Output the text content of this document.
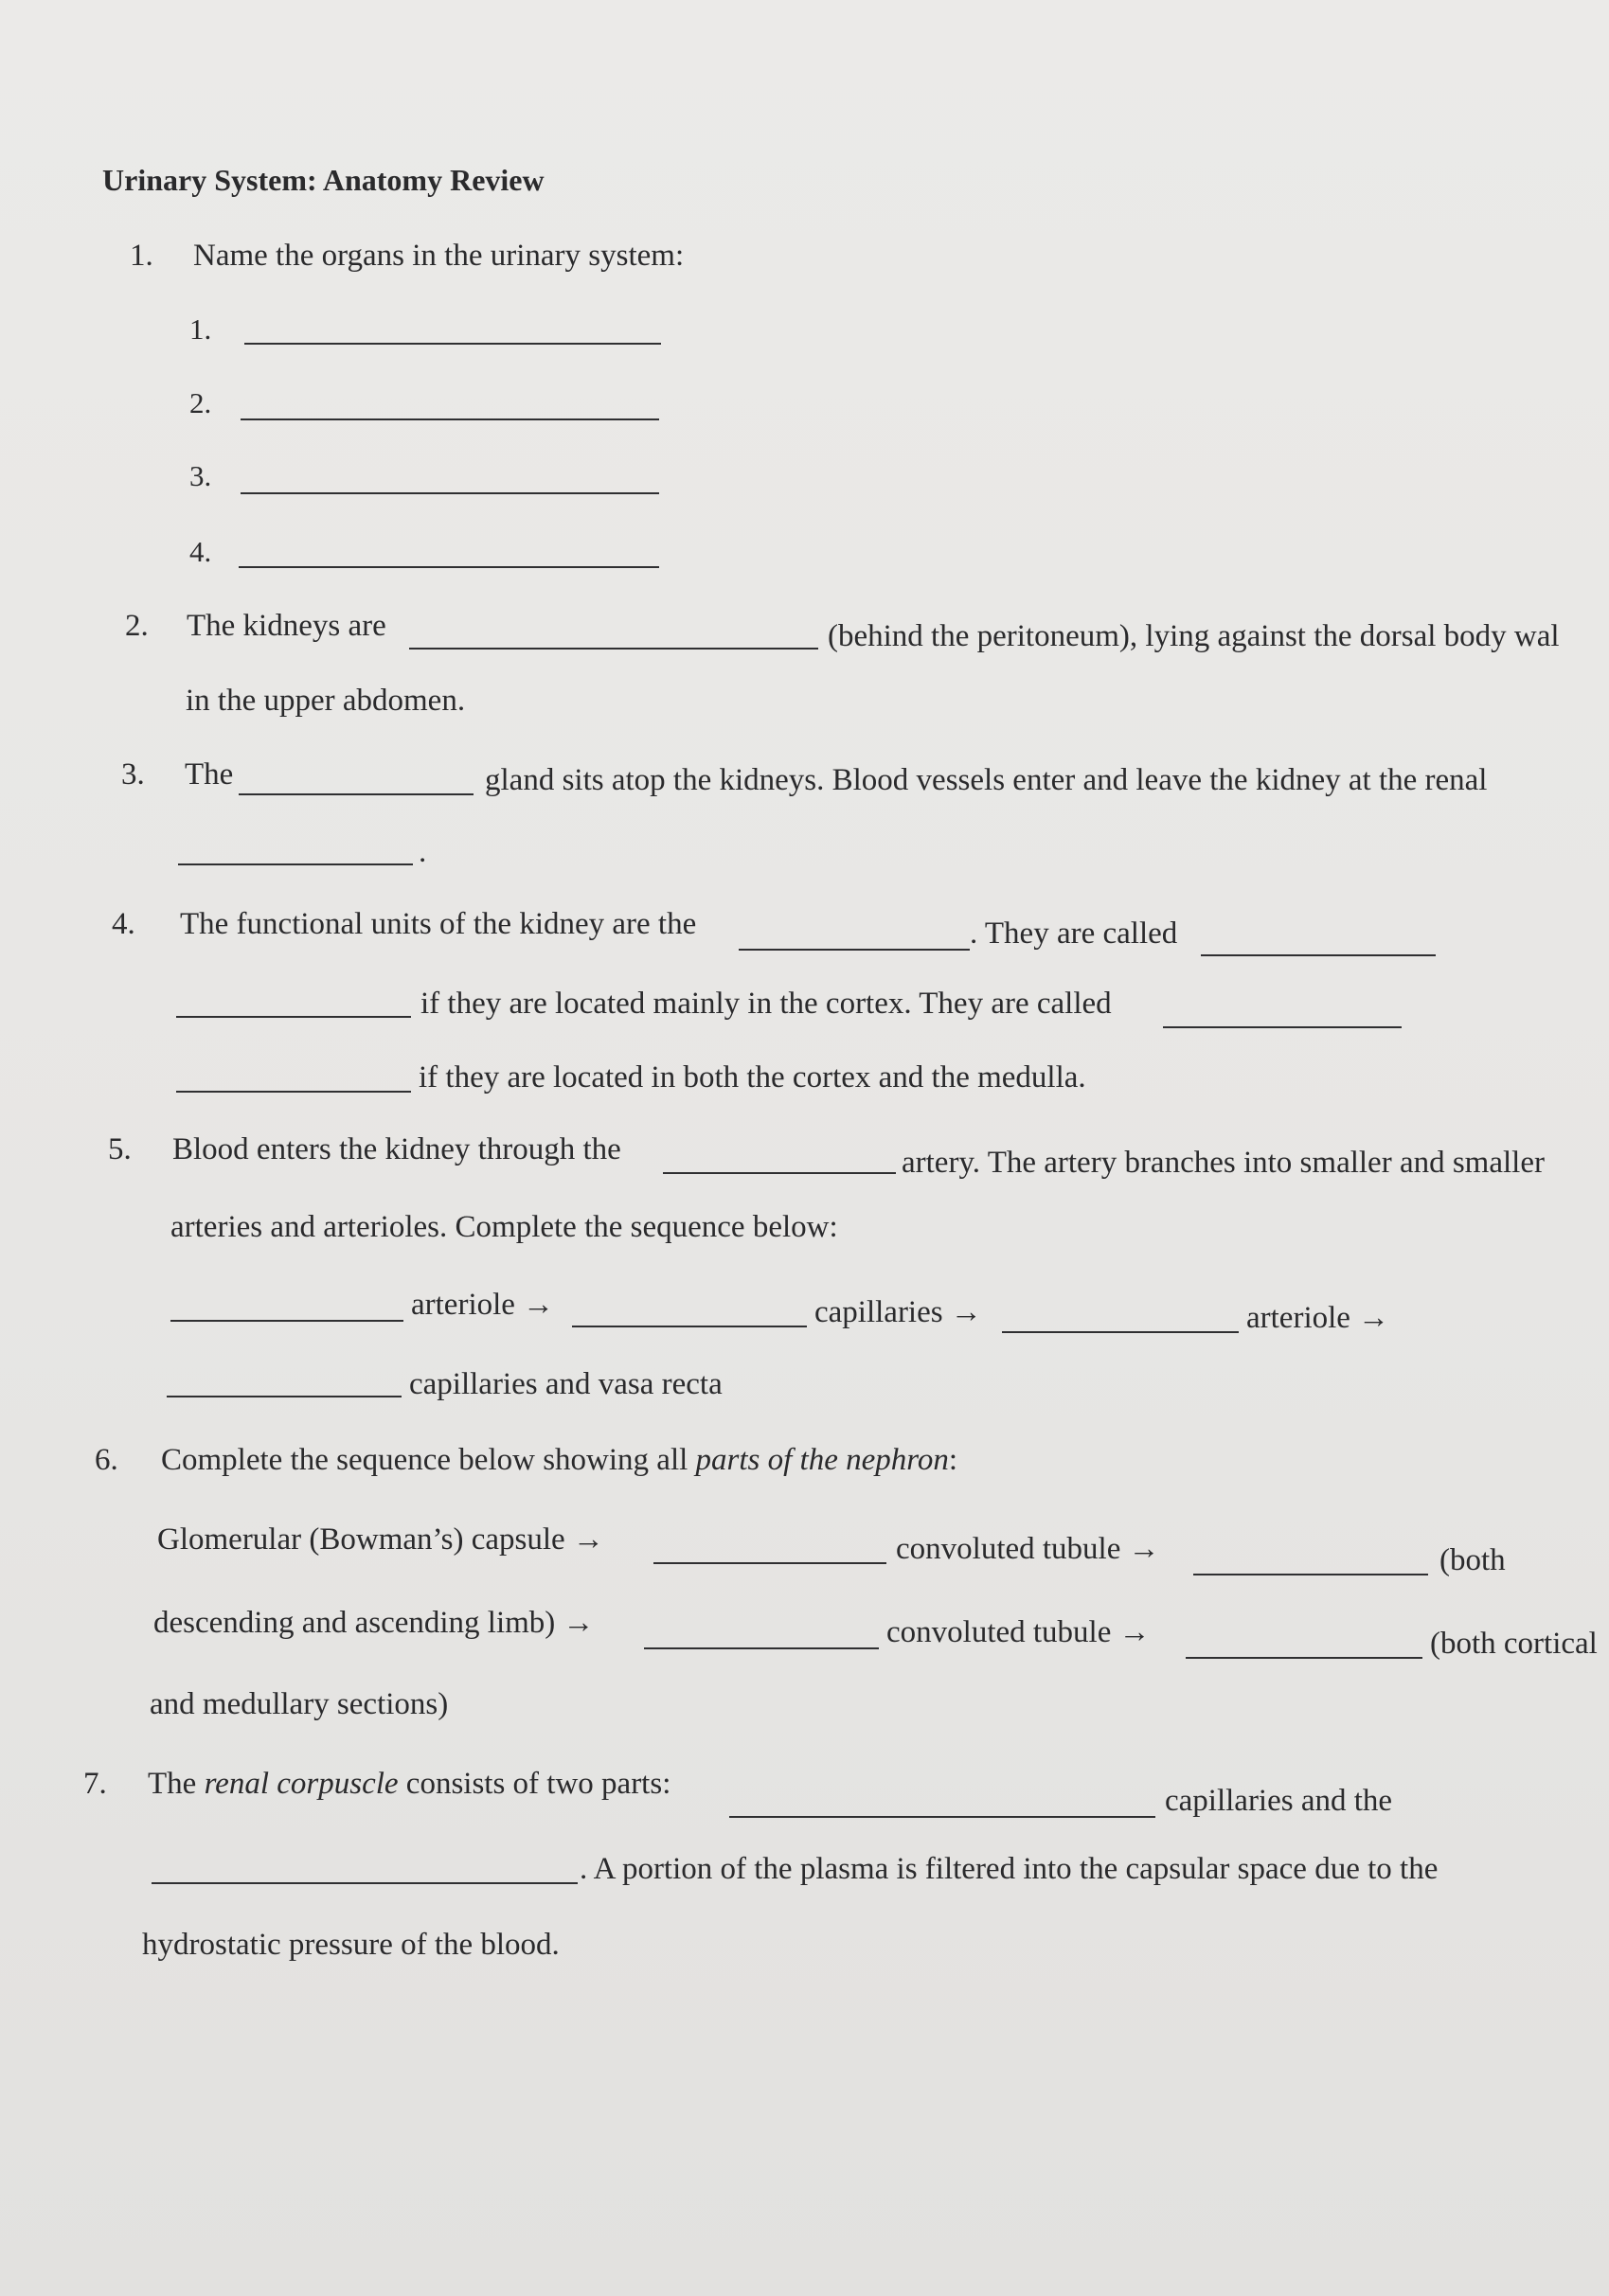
Urinary System: Anatomy Review
1. Name the organs in the urinary system:
1.
2.
3.
4.
2. The kidneys are	(behind the peritoneum), lying against the dorsal body wal
in the upper abdomen.
3. The	gland sits atop the kidneys. Blood vessels enter and leave the kidney at the renal
.
4. The functional units of the kidney are the	. They are called
if they are located mainly in the cortex. They are called
if they are located in both the cortex and the medulla.
5. Blood enters the kidney through the	artery. The artery branches into smaller and smaller
arteries and arterioles. Complete the sequence below:
arteriole →	capillaries →	arteriole →
capillaries and vasa recta
6. Complete the sequence below showing all parts of the nephron:
Glomerular (Bowman’s) capsule →	convoluted tubule →	(both
descending and ascending limb) →	convoluted tubule →	(both cortical
and medullary sections)
7. The renal corpuscle consists of two parts:	capillaries and the
. A portion of the plasma is filtered into the capsular space due to the
hydrostatic pressure of the blood.
